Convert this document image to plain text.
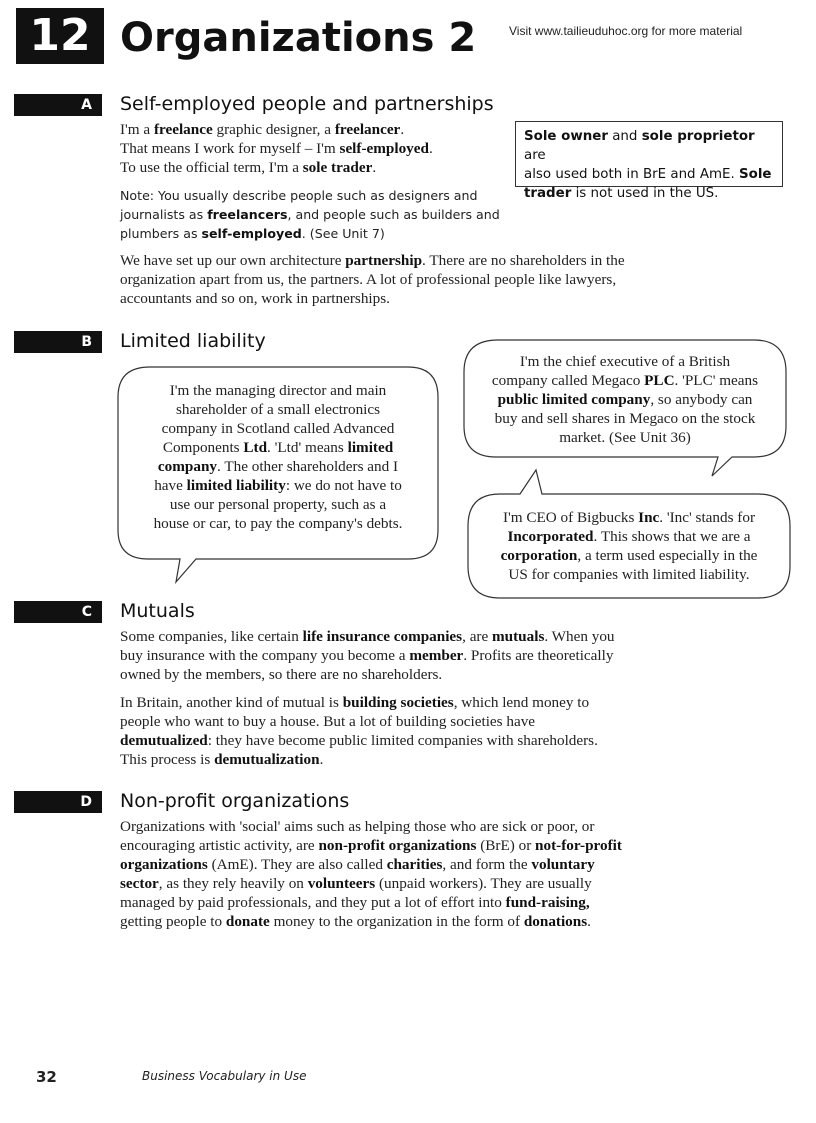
12 Organizations 2	Visit www.tailieuduhoc.org for more material
A	Self-employed people and partnerships
I'm a freelance graphic designer, a freelancer.
That means I work for myself – I'm self-employed.
To use the official term, I'm a sole trader.
Note: You usually describe people such as designers and
journalists as freelancers, and people such as builders and
plumbers as self-employed. (See Unit 7)
Sole owner and sole proprietor are
also used both in BrE and AmE. Sole
trader is not used in the US.
We have set up our own architecture partnership. There are no shareholders in the
organization apart from us, the partners. A lot of professional people like lawyers,
accountants and so on, work in partnerships.
B	Limited liability
I'm the managing director and main
shareholder of a small electronics
company in Scotland called Advanced
Components Ltd. 'Ltd' means limited
company. The other shareholders and I
have limited liability: we do not have to
use our personal property, such as a
house or car, to pay the company's debts.
I'm the chief executive of a British
company called Megaco PLC. 'PLC' means
public limited company, so anybody can
buy and sell shares in Megaco on the stock
market. (See Unit 36)
I'm CEO of Bigbucks Inc. 'Inc' stands for
Incorporated. This shows that we are a
corporation, a term used especially in the
US for companies with limited liability.
C	Mutuals
Some companies, like certain life insurance companies, are mutuals. When you
buy insurance with the company you become a member. Profits are theoretically
owned by the members, so there are no shareholders.
In Britain, another kind of mutual is building societies, which lend money to
people who want to buy a house. But a lot of building societies have
demutualized: they have become public limited companies with shareholders.
This process is demutualization.
D	Non-profit organizations
Organizations with 'social' aims such as helping those who are sick or poor, or
encouraging artistic activity, are non-profit organizations (BrE) or not-for-profit
organizations (AmE). They are also called charities, and form the voluntary
sector, as they rely heavily on volunteers (unpaid workers). They are usually
managed by paid professionals, and they put a lot of effort into fund-raising,
getting people to donate money to the organization in the form of donations.
32	Business Vocabulary in Use
